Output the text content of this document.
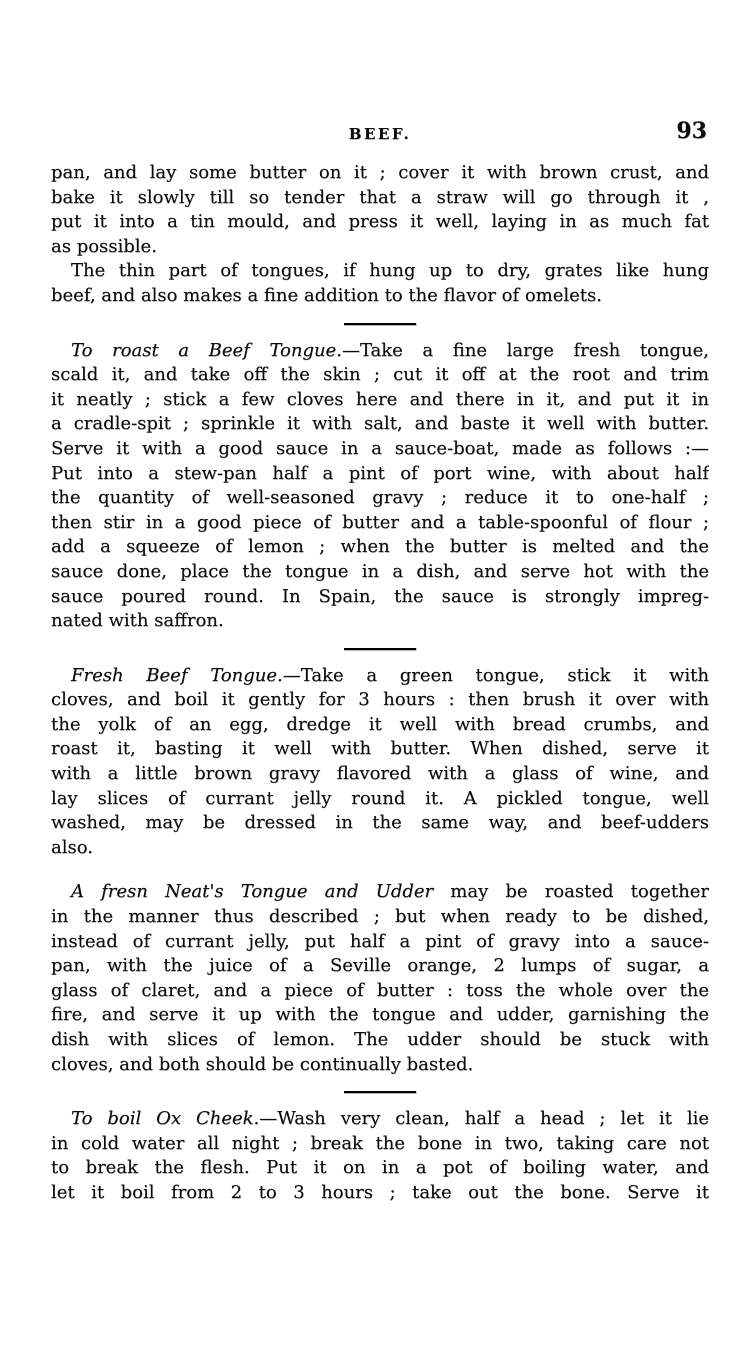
BEEF.	93
pan, and lay some butter on it ; cover it with brown crust, and
bake it slowly till so tender that a straw will go through it ,
put it into a tin mould, and press it well, laying in as much fat
as possible.
The thin part of tongues, if hung up to dry, grates like hung
beef, and also makes a fine addition to the flavor of omelets.
To roast a Beef Tongue.—Take a fine large fresh tongue,
scald it, and take off the skin ; cut it off at the root and trim
it neatly ; stick a few cloves here and there in it, and put it in
a cradle-spit ; sprinkle it with salt, and baste it well with butter.
Serve it with a good sauce in a sauce-boat, made as follows :—
Put into a stew-pan half a pint of port wine, with about half
the quantity of well-seasoned gravy ; reduce it to one-half ;
then stir in a good piece of butter and a table-spoonful of flour ;
add a squeeze of lemon ; when the butter is melted and the
sauce done, place the tongue in a dish, and serve hot with the
sauce poured round. In Spain, the sauce is strongly impreg-
nated with saffron.
Fresh Beef Tongue.—Take a green tongue, stick it with
cloves, and boil it gently for 3 hours : then brush it over with
the yolk of an egg, dredge it well with bread crumbs, and
roast it, basting it well with butter. When dished, serve it
with a little brown gravy flavored with a glass of wine, and
lay slices of currant jelly round it. A pickled tongue, well
washed, may be dressed in the same way, and beef-udders
also.
A fresn Neat's Tongue and Udder may be roasted together
in the manner thus described ; but when ready to be dished,
instead of currant jelly, put half a pint of gravy into a sauce-
pan, with the juice of a Seville orange, 2 lumps of sugar, a
glass of claret, and a piece of butter : toss the whole over the
fire, and serve it up with the tongue and udder, garnishing the
dish with slices of lemon. The udder should be stuck with
cloves, and both should be continually basted.
To boil Ox Cheek.—Wash very clean, half a head ; let it lie
in cold water all night ; break the bone in two, taking care not
to break the flesh. Put it on in a pot of boiling water, and
let it boil from 2 to 3 hours ; take out the bone. Serve it
